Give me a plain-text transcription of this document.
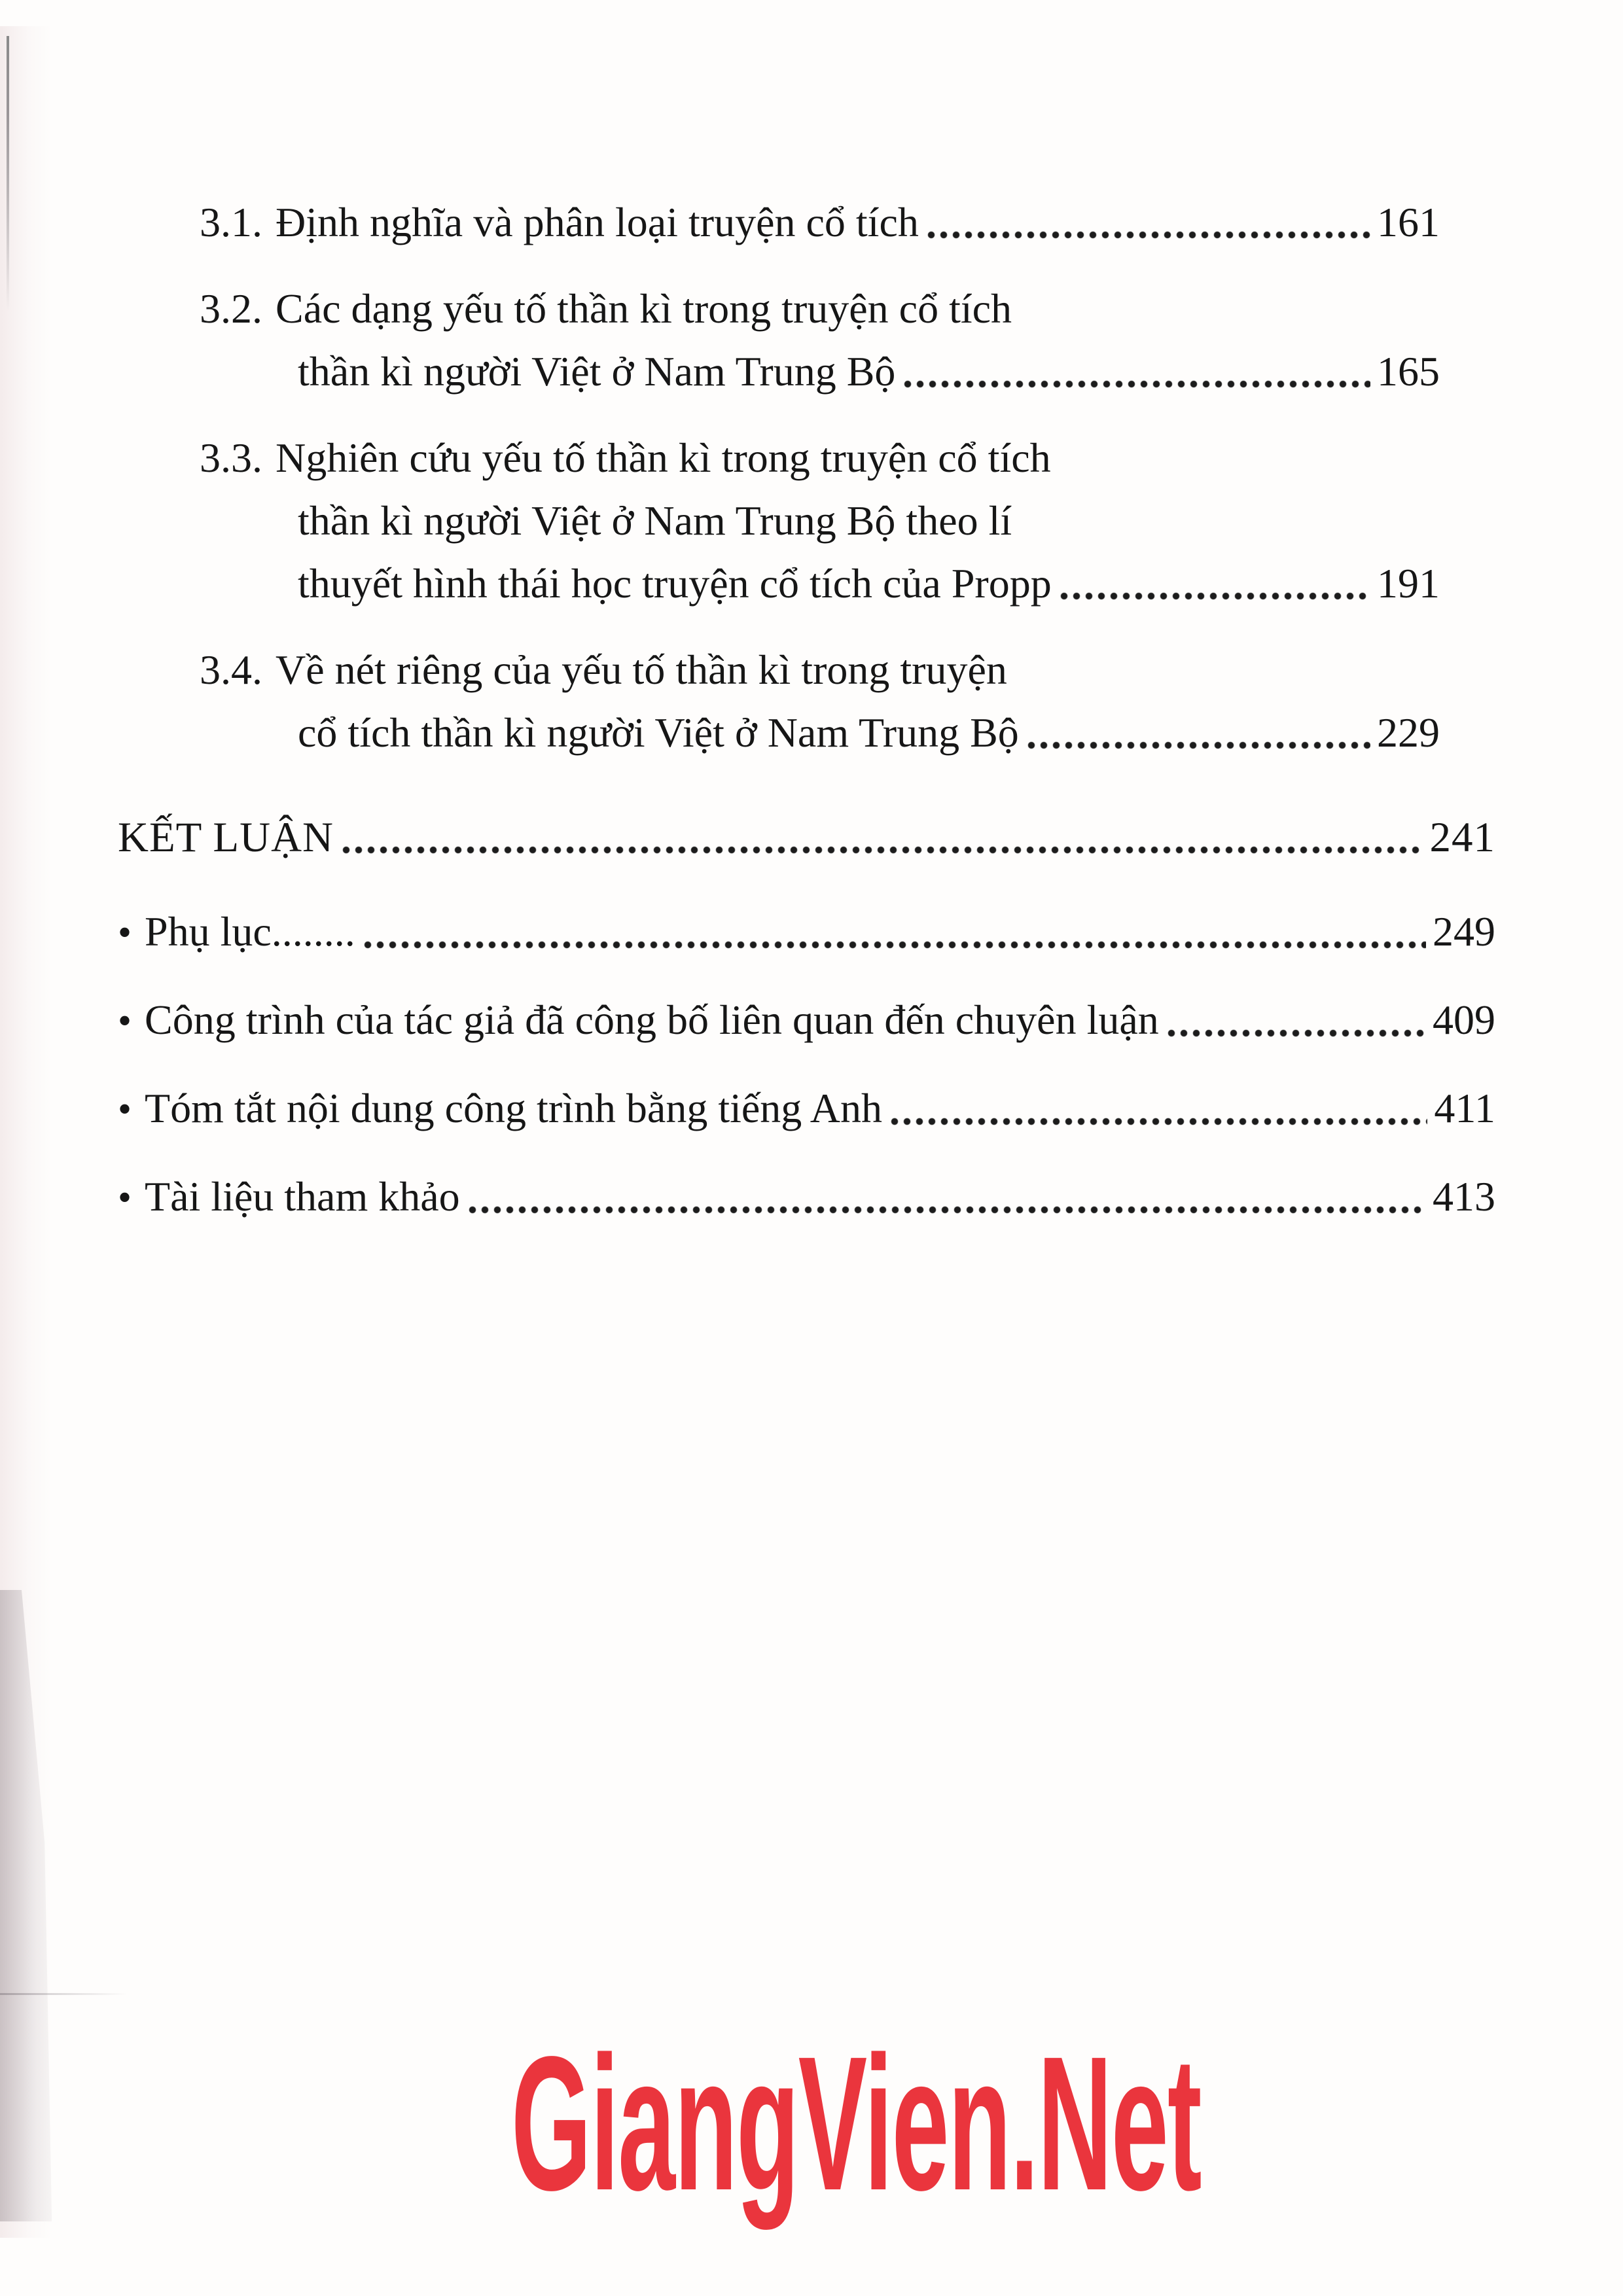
3.1. Định nghĩa và phân loại truyện cổ tích	161
3.2. Các dạng yếu tố thần kì trong truyện cổ tích
thần kì người Việt ở Nam Trung Bộ	165
3.3. Nghiên cứu yếu tố thần kì trong truyện cổ tích
thần kì người Việt ở Nam Trung Bộ theo lí
thuyết hình thái học truyện cổ tích của Propp	191
3.4. Về nét riêng của yếu tố thần kì trong truyện
cổ tích thần kì người Việt ở Nam Trung Bộ	229
KẾT LUẬN	241
• Phụ lục........	249
• Công trình của tác giả đã công bố liên quan đến chuyên luận	409
• Tóm tắt nội dung công trình bằng tiếng Anh	411
• Tài liệu tham khảo	413
GiangVien.Net
